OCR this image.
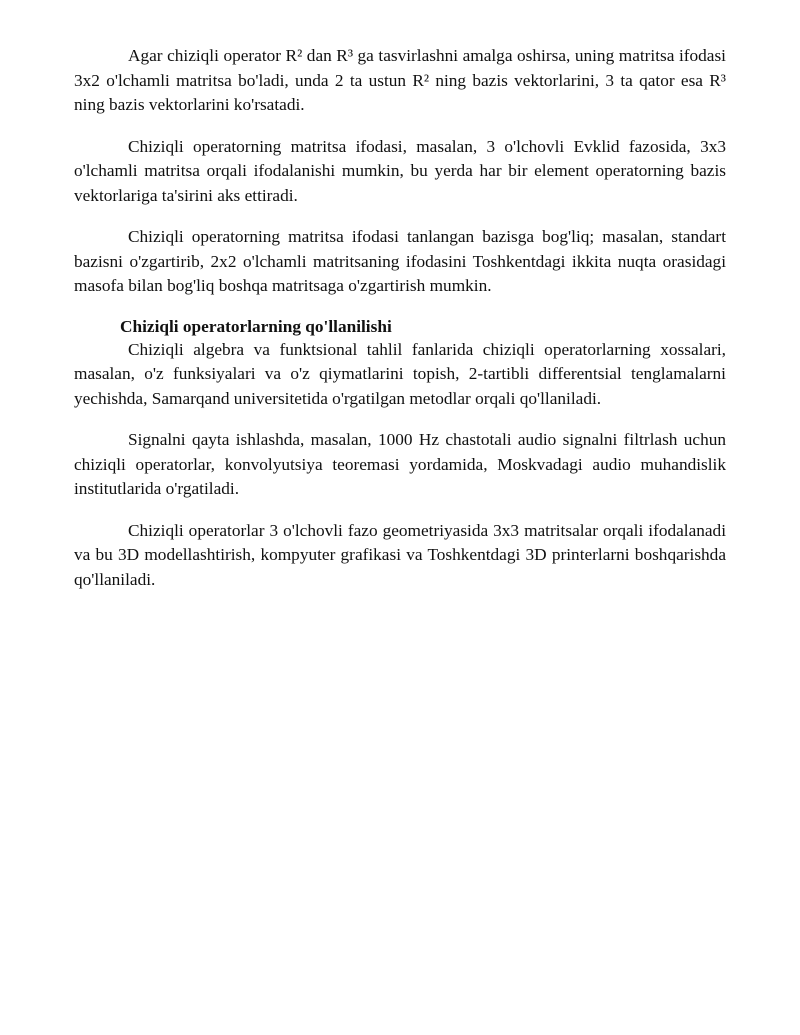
Agar chiziqli operator R² dan R³ ga tasvirlashni amalga oshirsa, uning matritsa ifodasi 3x2 o'lchamli matritsa bo'ladi, unda 2 ta ustun R² ning bazis vektorlarini, 3 ta qator esa R³ ning bazis vektorlarini ko'rsatadi.

Chiziqli operatorning matritsa ifodasi, masalan, 3 o'lchovli Evklid fazosida, 3x3 o'lchamli matritsa orqali ifodalanishi mumkin, bu yerda har bir element operatorning bazis vektorlariga ta'sirini aks ettiradi.

Chiziqli operatorning matritsa ifodasi tanlangan bazisga bog'liq; masalan, standart bazisni o'zgartirib, 2x2 o'lchamli matritsaning ifodasini Toshkentdagi ikkita nuqta orasidagi masofa bilan bog'liq boshqa matritsaga o'zgartirish mumkin.

Chiziqli operatorlarning qo'llanilishi

Chiziqli algebra va funktsional tahlil fanlarida chiziqli operatorlarning xossalari, masalan, o'z funksiyalari va o'z qiymatlarini topish, 2-tartibli differentsial tenglamalarni yechishda, Samarqand universitetida o'rgatilgan metodlar orqali qo'llaniladi.

Signalni qayta ishlashda, masalan, 1000 Hz chastotali audio signalni filtrlash uchun chiziqli operatorlar, konvolyutsiya teoremasi yordamida, Moskvadagi audio muhandislik institutlarida o'rgatiladi.

Chiziqli operatorlar 3 o'lchovli fazo geometriyasida 3x3 matritsalar orqali ifodalanadi va bu 3D modellashtirish, kompyuter grafikasi va Toshkentdagi 3D printerlarni boshqarishda qo'llaniladi.
